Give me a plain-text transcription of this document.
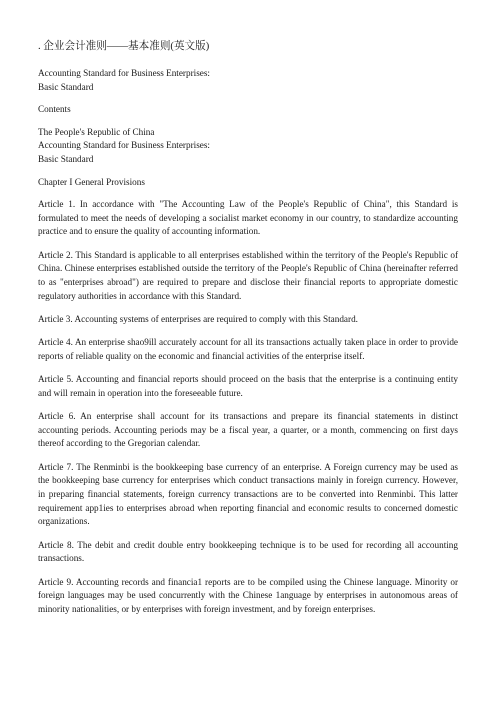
. 企业会计准则——基本准则(英文版)

Accounting Standard for Business Enterprises:

Basic Standard

Contents

The People's Republic of China

Accounting Standard for Business Enterprises:

Basic Standard

Chapter I General Provisions

Article 1. In accordance with "The Accounting Law of the People's Republic of China", this Standard is formulated to meet the needs of developing a socialist market economy in our country, to standardize accounting practice and to ensure the quality of accounting information.

Article 2. This Standard is applicable to all enterprises established within the territory of the People's Republic of China. Chinese enterprises established outside the territory of the People's Republic of China (hereinafter referred to as "enterprises abroad") are required to prepare and disclose their financial reports to appropriate domestic regulatory authorities in accordance with this Standard.

Article 3. Accounting systems of enterprises are required to comply with this Standard.

Article 4. An enterprise shao9ill accurately account for all its transactions actually taken place in order to provide reports of reliable quality on the economic and financial activities of the enterprise itself.

Article 5. Accounting and financial reports should proceed on the basis that the enterprise is a continuing entity and will remain in operation into the foreseeable future.

Article 6. An enterprise shall account for its transactions and prepare its financial statements in distinct accounting periods. Accounting periods may be a fiscal year, a quarter, or a month, commencing on first days thereof according to the Gregorian calendar.

Article 7. The Renminbi is the bookkeeping base currency of an enterprise. A Foreign currency may be used as the bookkeeping base currency for enterprises which conduct transactions mainly in foreign currency. However, in preparing financial statements, foreign currency transactions are to be converted into Renminbi. This latter requirement app1ies to enterprises abroad when reporting financial and economic results to concerned domestic organizations.

Article 8. The debit and credit double entry bookkeeping technique is to be used for recording all accounting transactions.

Article 9. Accounting records and financia1 reports are to be compiled using the Chinese language. Minority or foreign languages may be used concurrently with the Chinese 1anguage by enterprises in autonomous areas of minority nationalities, or by enterprises with foreign investment, and by foreign enterprises.
